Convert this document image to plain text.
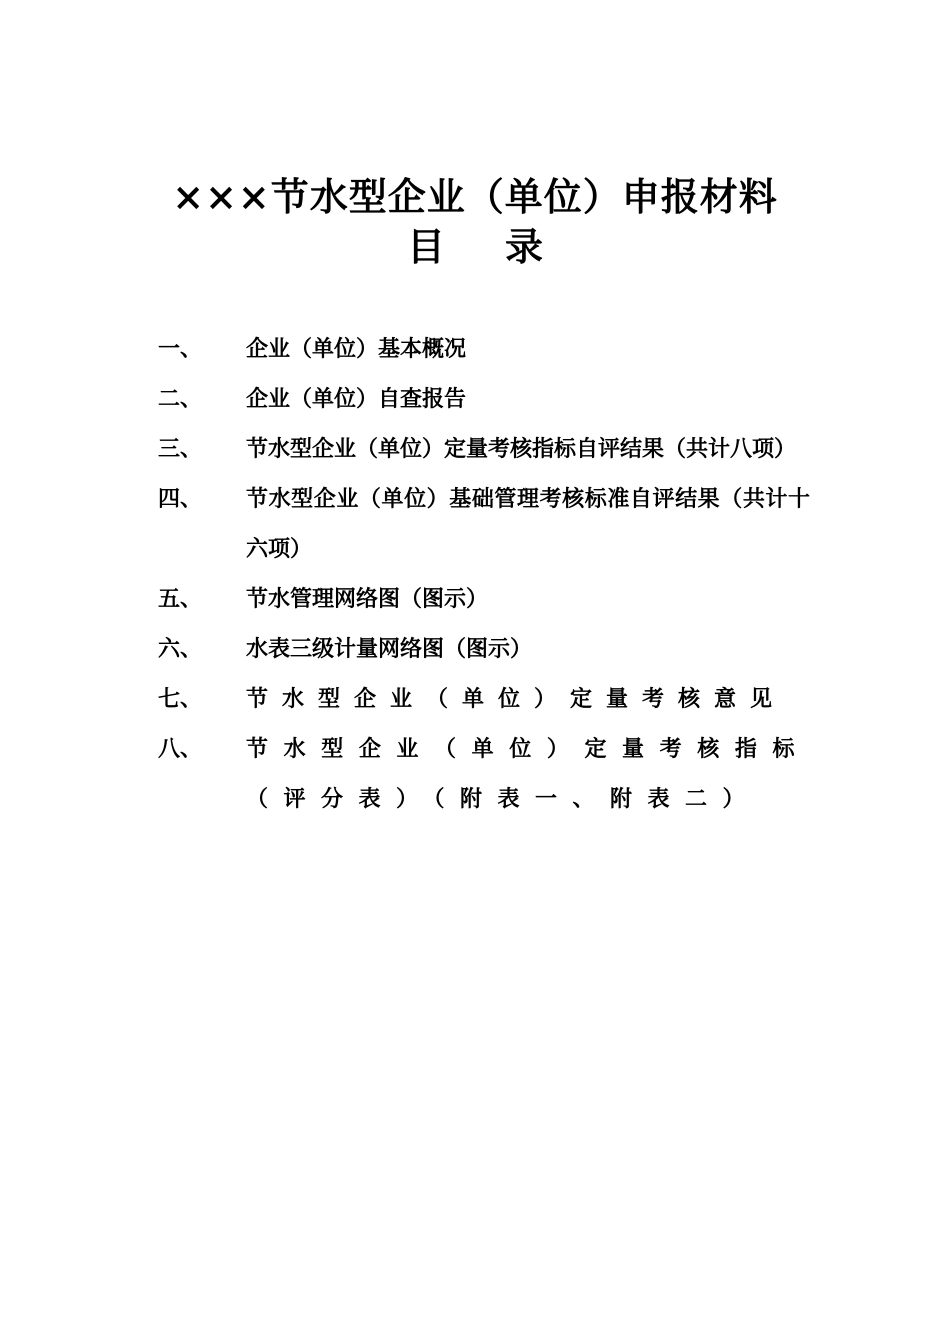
×××节水型企业（单位）申报材料
目录
一、	企业（单位）基本概况
二、	企业（单位）自查报告
三、	节水型企业（单位）定量考核指标自评结果（共计八项）
四、	节水型企业（单位）基础管理考核标准自评结果（共计十六项）
五、	节水管理网络图（图示）
六、	水表三级计量网络图（图示）
七、	节水型企业（单位）定量考核意见
八、	节水型企业（单位）定量考核指标（评分表）（附表一、附表二）
